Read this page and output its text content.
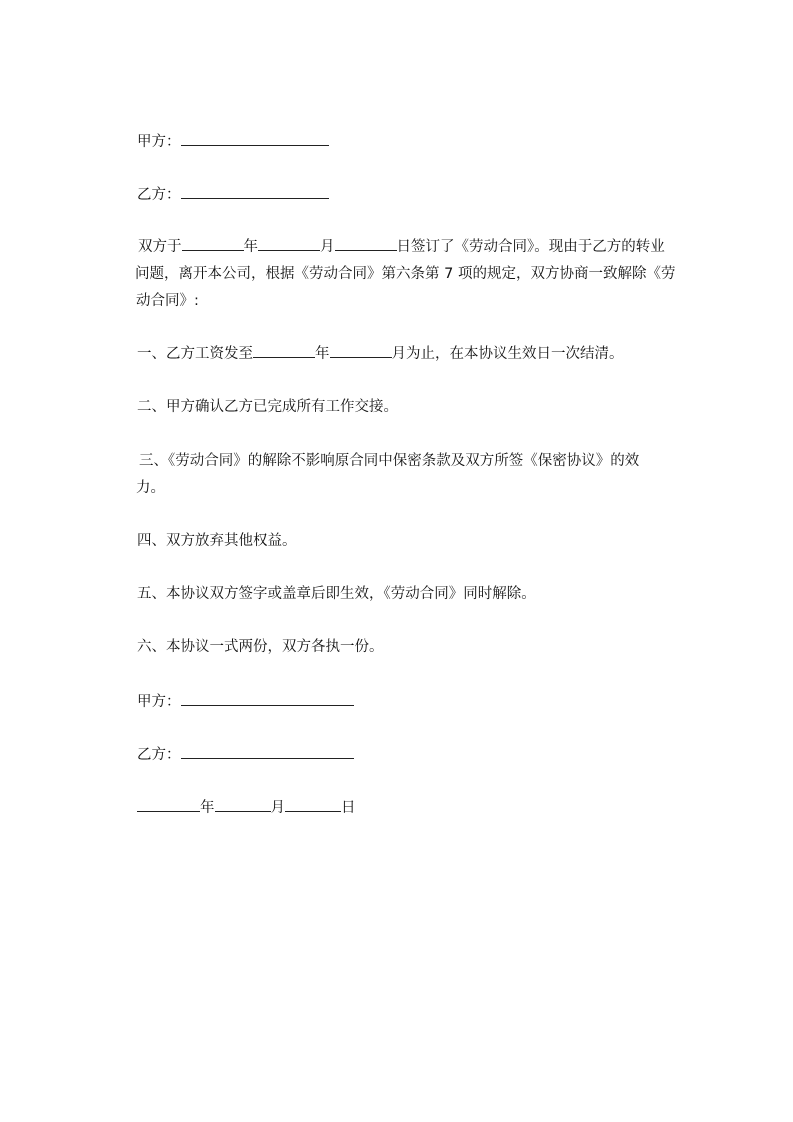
甲方：
乙方：
双方于	年	月	日签订了《劳动合同》。现由于乙方的转业
问题，离开本公司，根据《劳动合同》第六条第 7 项的规定，双方协商一致解除《劳
动合同》:
一、乙方工资发至	年	月为止，在本协议生效日一次结清。
二、甲方确认乙方已完成所有工作交接。
三、《劳动合同》的解除不影响原合同中保密条款及双方所签《保密协议》的效
力。
四、双方放弃其他权益。
五、本协议双方签字或盖章后即生效，《劳动合同》同时解除。
六、本协议一式两份，双方各执一份。
甲方：
乙方：
年	月	日
